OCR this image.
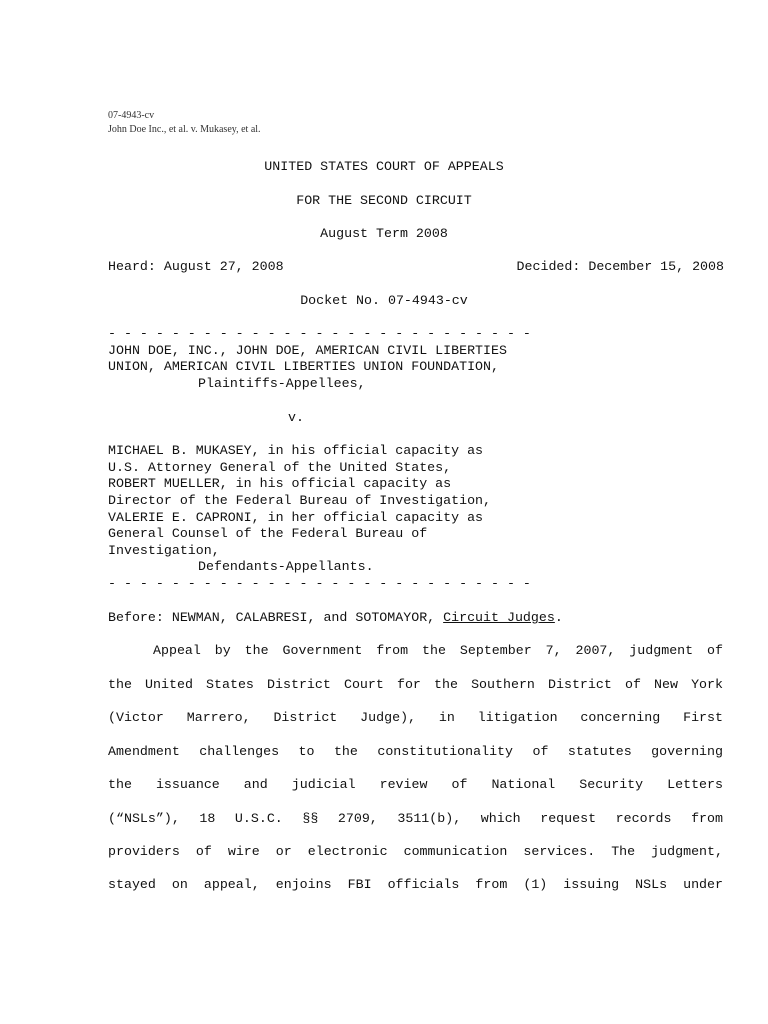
07-4943-cv
John Doe Inc., et al. v. Mukasey, et al.
UNITED STATES COURT OF APPEALS
FOR THE SECOND CIRCUIT
August Term 2008
Heard: August 27, 2008	Decided: December 15, 2008
Docket No. 07-4943-cv
- - - - - - - - - - - - - - - - - - - - - - - - - - -
JOHN DOE, INC., JOHN DOE, AMERICAN CIVIL LIBERTIES
UNION, AMERICAN CIVIL LIBERTIES UNION FOUNDATION,
Plaintiffs-Appellees,
v.
MICHAEL B. MUKASEY, in his official capacity as
U.S. Attorney General of the United States,
ROBERT MUELLER, in his official capacity as
Director of the Federal Bureau of Investigation,
VALERIE E. CAPRONI, in her official capacity as
General Counsel of the Federal Bureau of
Investigation,
Defendants-Appellants.
- - - - - - - - - - - - - - - - - - - - - - - - - - -
Before: NEWMAN, CALABRESI, and SOTOMAYOR, Circuit Judges.
Appeal by the Government from the September 7, 2007, judgment of
the United States District Court for the Southern District of New York
(Victor Marrero, District Judge), in litigation concerning First
Amendment challenges to the constitutionality of statutes governing
the issuance and judicial review of National Security Letters
(“NSLs”), 18 U.S.C. §§ 2709, 3511(b), which request records from
providers of wire or electronic communication services. The judgment,
stayed on appeal, enjoins FBI officials from (1) issuing NSLs under
